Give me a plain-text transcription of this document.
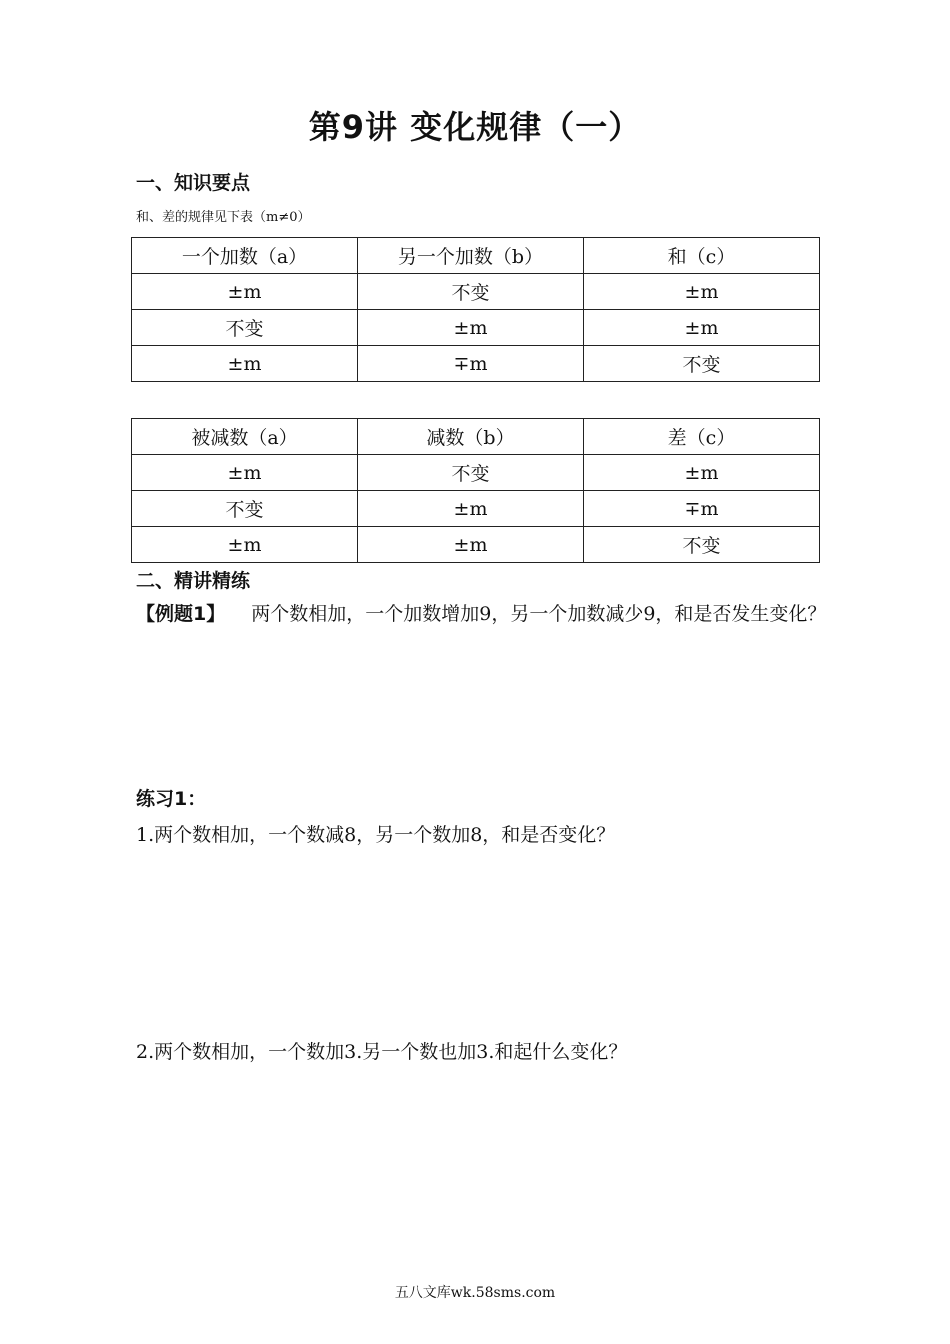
第9讲 变化规律（一）
一、知识要点
和、差的规律见下表（m≠0）
一个加数（a）	另一个加数（b）	和（c）
±m	不变	±m
不变	±m	±m
±m	∓m	不变
被减数（a）	减数（b）	差（c）
±m	不变	±m
不变	±m	∓m
±m	±m	不变
二、精讲精练
【例题1】 两个数相加，一个加数增加9，另一个加数减少9，和是否发生变化？
练习1：
1.两个数相加，一个数减8，另一个数加8，和是否变化？
2.两个数相加，一个数加3.另一个数也加3.和起什么变化？
五八文库wk.58sms.com
